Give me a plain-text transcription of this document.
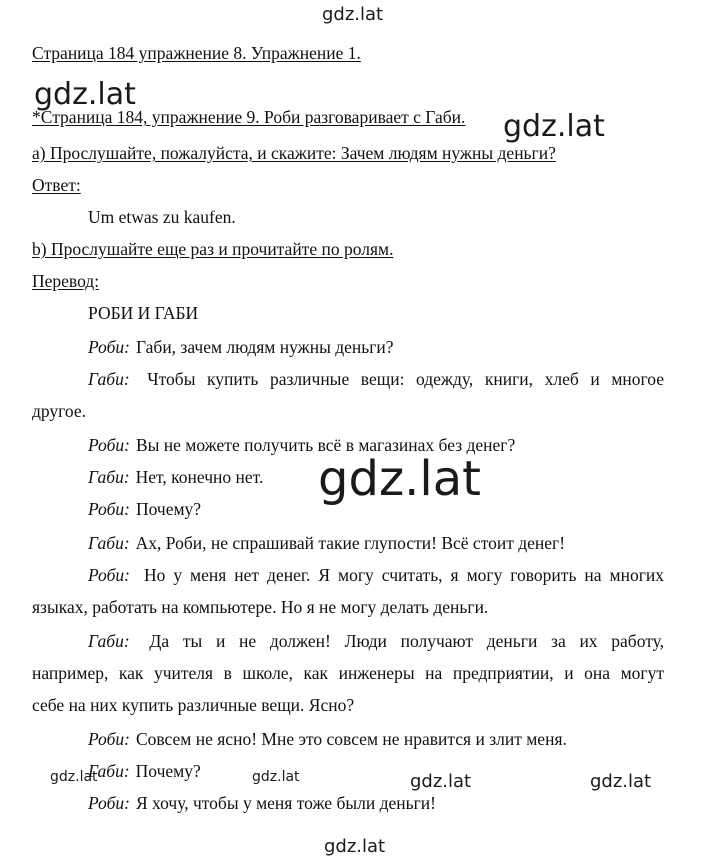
gdz.lat
gdz.lat
gdz.lat
gdz.lat
gdz.lat	gdz.lat	gdz.lat	gdz.lat
gdz.lat
Страница 184 упражнение 8. Упражнение 1.
*Страница 184, упражнение 9. Роби разговаривает с Габи.
a) Прослушайте, пожалуйста, и скажите: Зачем людям нужны деньги?
Ответ:
Um etwas zu kaufen.
b) Прослушайте еще раз и прочитайте по ролям.
Перевод:
РОБИ И ГАБИ
Роби: Габи, зачем людям нужны деньги?
Габи: Чтобы купить различные вещи: одежду, книги, хлеб и многое
другое.
Роби: Вы не можете получить всё в магазинах без денег?
Габи: Нет, конечно нет.
Роби: Почему?
Габи: Ах, Роби, не спрашивай такие глупости! Всё стоит денег!
Роби: Но у меня нет денег. Я могу считать, я могу говорить на многих
языках, работать на компьютере. Но я не могу делать деньги.
Габи: Да ты и не должен! Люди получают деньги за их работу,
например, как учителя в школе, как инженеры на предприятии, и она могут
себе на них купить различные вещи. Ясно?
Роби: Совсем не ясно! Мне это совсем не нравится и злит меня.
Габи: Почему?
Роби: Я хочу, чтобы у меня тоже были деньги!
